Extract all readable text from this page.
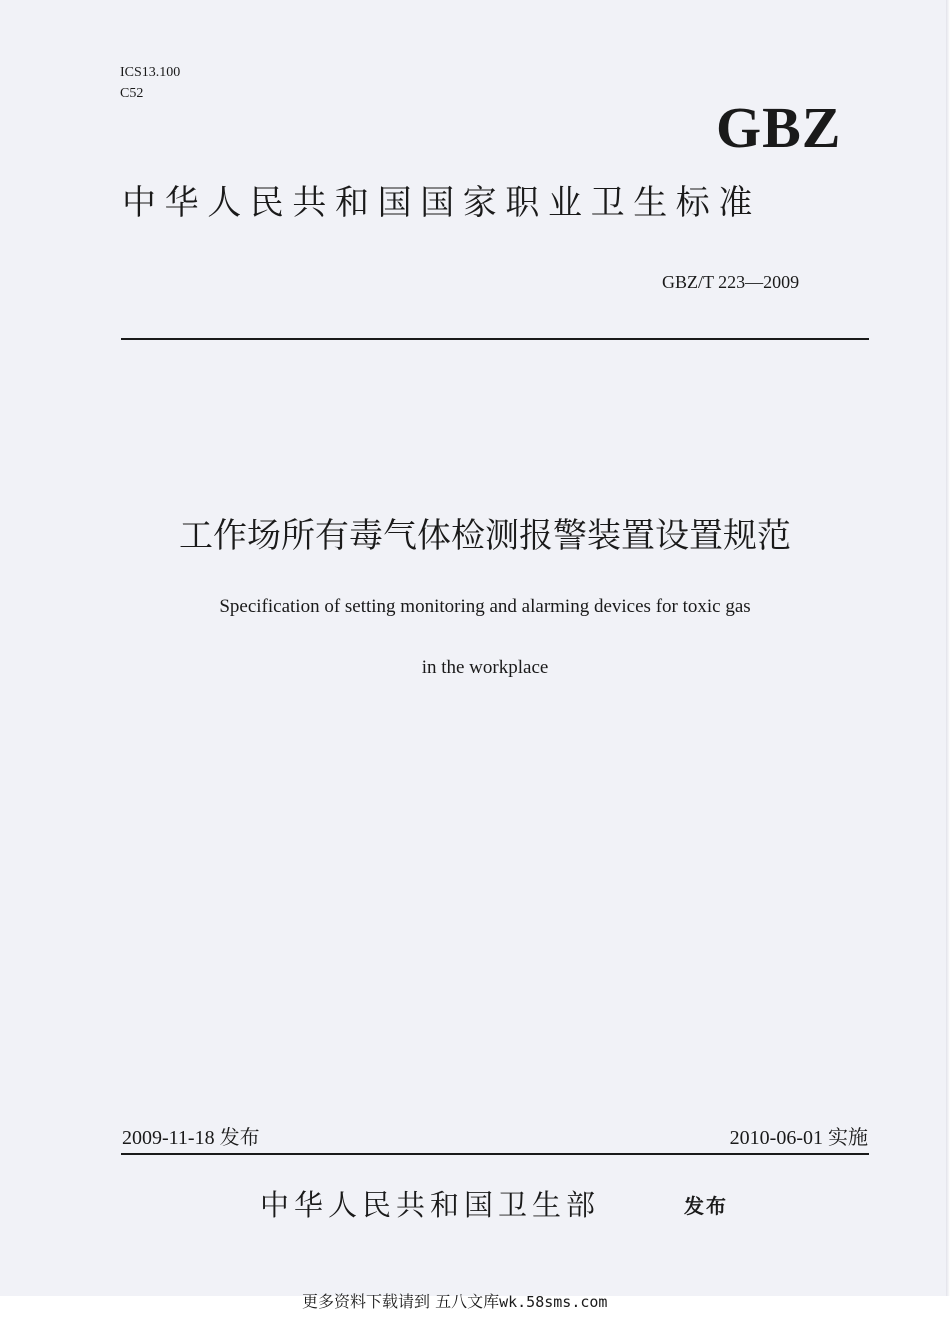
ICS13.100
C52
GBZ
中华人民共和国国家职业卫生标准
GBZ/T 223—2009
工作场所有毒气体检测报警装置设置规范
Specification of setting monitoring and alarming devices for toxic gas
in the workplace
2009-11-18 发布	2010-06-01 实施
中华人民共和国卫生部	发布
更多资料下载请到 五八文库wk.58sms.com
